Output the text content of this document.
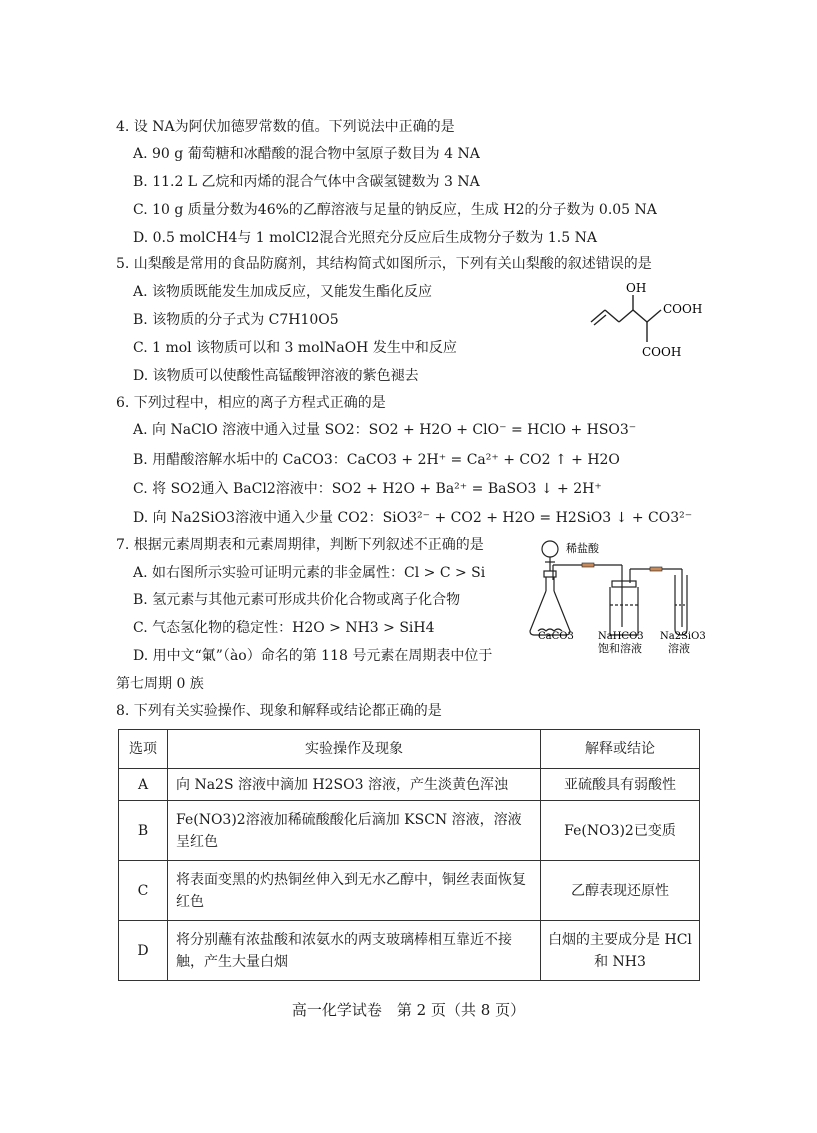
4. 设 NA为阿伏加德罗常数的值。下列说法中正确的是
A. 90 g 葡萄糖和冰醋酸的混合物中氢原子数目为 4 NA
B. 11.2 L 乙烷和丙烯的混合气体中含碳氢键数为 3 NA
C. 10 g 质量分数为46%的乙醇溶液与足量的钠反应，生成 H2的分子数为 0.05 NA
D. 0.5 molCH4与 1 molCl2混合光照充分反应后生成物分子数为 1.5 NA
5. 山梨酸是常用的食品防腐剂，其结构简式如图所示，下列有关山梨酸的叙述错误的是
A. 该物质既能发生加成反应，又能发生酯化反应
B. 该物质的分子式为 C7H10O5
C. 1 mol 该物质可以和 3 molNaOH 发生中和反应
D. 该物质可以使酸性高锰酸钾溶液的紫色褪去
OH
COOH
COOH
6. 下列过程中，相应的离子方程式正确的是
A. 向 NaClO 溶液中通入过量 SO2：SO2 + H2O + ClO⁻ = HClO + HSO3⁻
B. 用醋酸溶解水垢中的 CaCO3：CaCO3 + 2H⁺ = Ca²⁺ + CO2 ↑ + H2O
C. 将 SO2通入 BaCl2溶液中：SO2 + H2O + Ba²⁺ = BaSO3 ↓ + 2H⁺
D. 向 Na2SiO3溶液中通入少量 CO2：SiO3²⁻ + CO2 + H2O = H2SiO3 ↓ + CO3²⁻
7. 根据元素周期表和元素周期律，判断下列叙述不正确的是
A. 如右图所示实验可证明元素的非金属性：Cl > C > Si
B. 氢元素与其他元素可形成共价化合物或离子化合物
C. 气态氢化物的稳定性：H2O > NH3 > SiH4
D. 用中文“氭”（ào）命名的第 118 号元素在周期表中位于
第七周期 0 族
稀盐酸
CaCO3 NaHCO3
饱和溶液
Na2SiO3
溶液
8. 下列有关实验操作、现象和解释或结论都正确的是
选项	实验操作及现象	解释或结论
A	向 Na2S 溶液中滴加 H2SO3 溶液，产生淡黄色浑浊	亚硫酸具有弱酸性
B	Fe(NO3)2溶液加稀硫酸酸化后滴加 KSCN 溶液，溶液呈红色	Fe(NO3)2已变质
C	将表面变黑的灼热铜丝伸入到无水乙醇中，铜丝表面恢复红色	乙醇表现还原性
D	将分别蘸有浓盐酸和浓氨水的两支玻璃棒相互靠近不接触，产生大量白烟	白烟的主要成分是 HCl 和 NH3
高一化学试卷　第 2 页（共 8 页）
